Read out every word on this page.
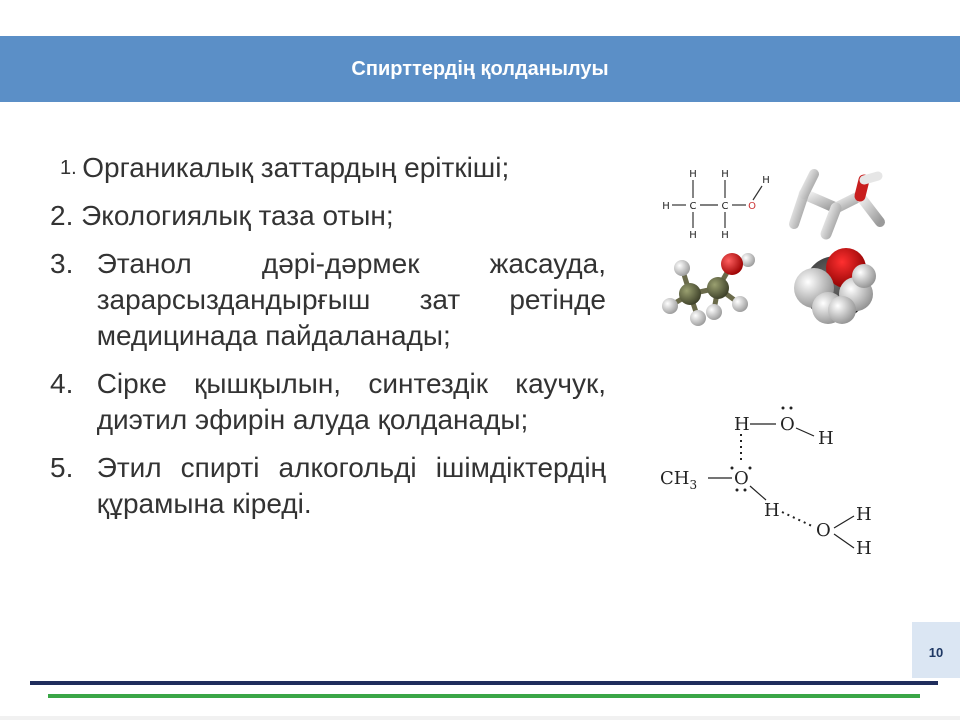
Спирттердің қолданылуы
1. Органикалық заттардың еріткіші;
2. Экологиялық таза отын;
3. Этанол дәрі-дәрмек жасауда, зарарсыздандырғыш зат ретінде медицинада пайдаланады;
4. Сірке қышқылын, синтездік каучук, диэтил эфирін алуда қолданады;
5. Этил спирті алкогольді ішімдіктердің құрамына кіреді.
H C	C
H H
H H
H
O
H O
H
$CH_3$ O
H
O
H
H
10
